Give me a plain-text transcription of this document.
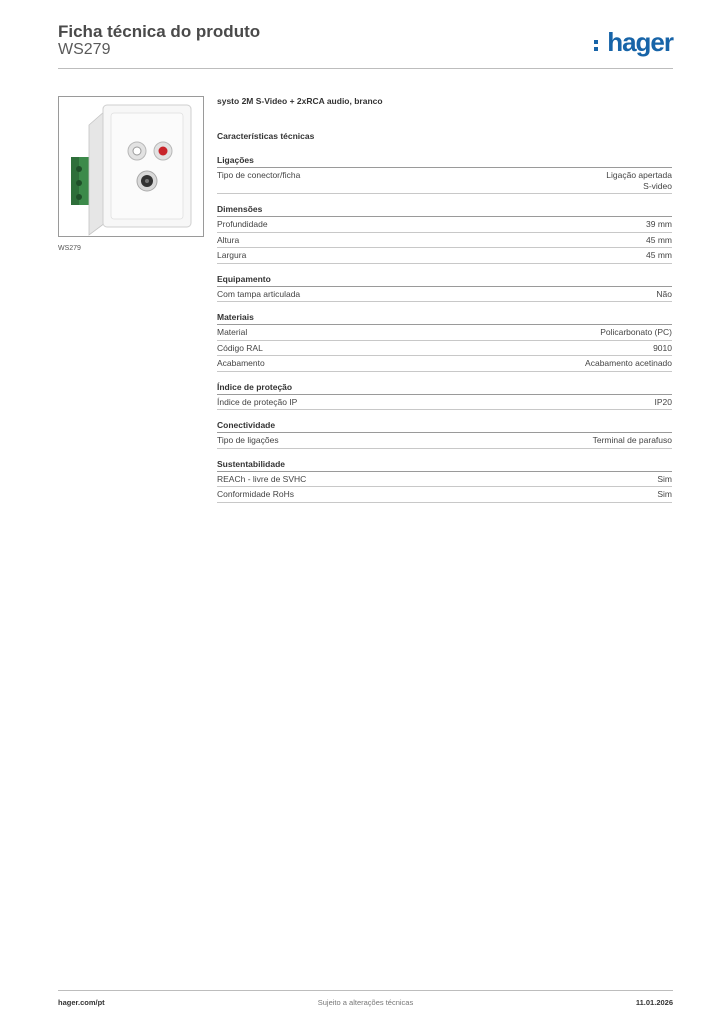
Ficha técnica do produto
WS279	hager
WS279
systo 2M S-Video + 2xRCA audio, branco
Características técnicas
Ligações
Tipo de conector/ficha	Ligação apertada
S-video
Dimensões
Profundidade	39 mm
Altura	45 mm
Largura	45 mm
Equipamento
Com tampa articulada	Não
Materiais
Material	Policarbonato (PC)
Código RAL	9010
Acabamento	Acabamento acetinado
Índice de proteção
Índice de proteção IP	IP20
Conectividade
Tipo de ligações	Terminal de parafuso
Sustentabilidade
REACh - livre de SVHC	Sim
Conformidade RoHs	Sim
hager.com/pt	Sujeito a alterações técnicas	11.01.2026
